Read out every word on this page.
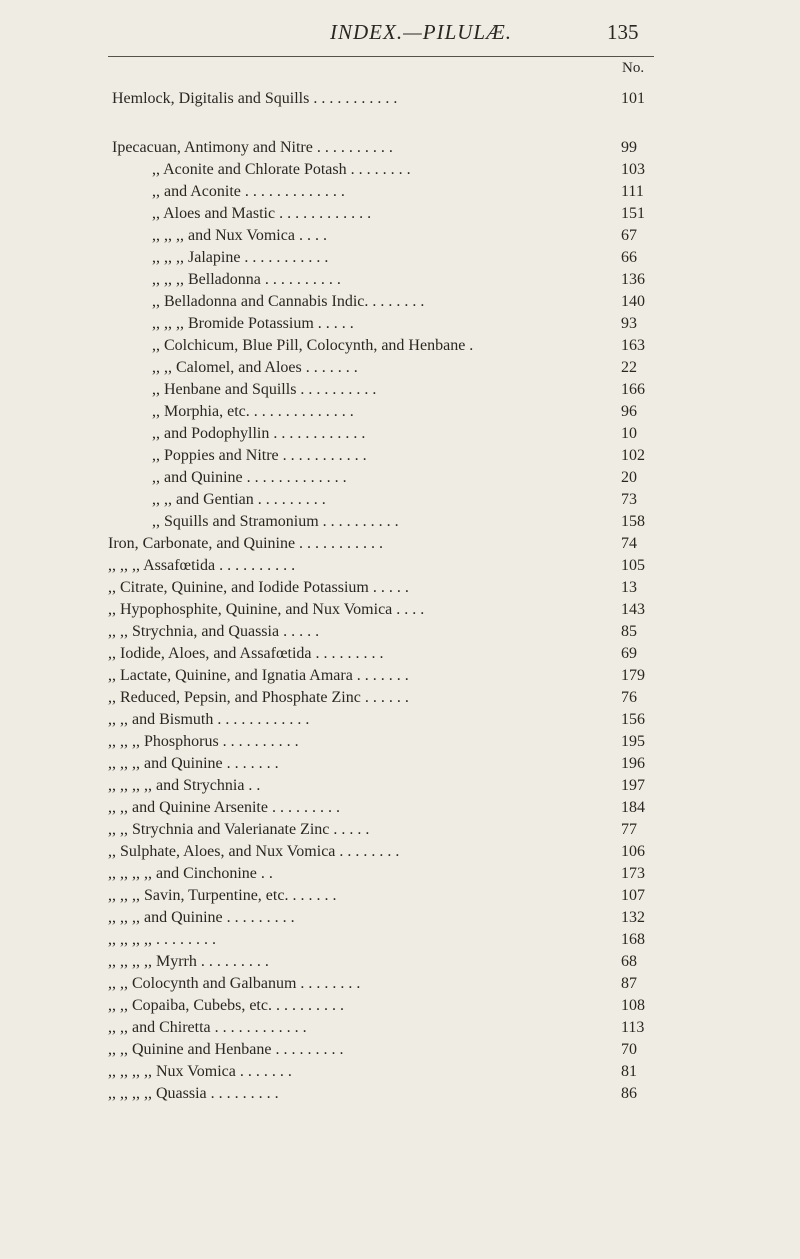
INDEX.—PILULÆ.	135
No.
Hemlock, Digitalis and Squills . . . . . . . . . . .	101
Ipecacuan, Antimony and Nitre . . . . . . . . . .	99
,, Aconite and Chlorate Potash . . . . . . . .	103
,, and Aconite . . . . . . . . . . . . .	111
,, Aloes and Mastic . . . . . . . . . . . .	151
,, ,, ,, and Nux Vomica . . . .	67
,, ,, ,, Jalapine . . . . . . . . . . .	66
,, ,, ,, Belladonna . . . . . . . . . .	136
,, Belladonna and Cannabis Indic. . . . . . . .	140
,, ,, ,, Bromide Potassium . . . . .	93
,, Colchicum, Blue Pill, Colocynth, and Henbane .	163
,, ,, Calomel, and Aloes . . . . . . .	22
,, Henbane and Squills . . . . . . . . . .	166
,, Morphia, etc. . . . . . . . . . . . . .	96
,, and Podophyllin . . . . . . . . . . . .	10
,, Poppies and Nitre . . . . . . . . . . .	102
,, and Quinine . . . . . . . . . . . . .	20
,, ,, and Gentian . . . . . . . . .	73
,, Squills and Stramonium . . . . . . . . . .	158
Iron, Carbonate, and Quinine . . . . . . . . . . .	74
,, ,, ,, Assafœtida . . . . . . . . . .	105
,, Citrate, Quinine, and Iodide Potassium . . . . .	13
,, Hypophosphite, Quinine, and Nux Vomica . . . .	143
,, ,, Strychnia, and Quassia . . . . .	85
,, Iodide, Aloes, and Assafœtida . . . . . . . . .	69
,, Lactate, Quinine, and Ignatia Amara . . . . . . .	179
,, Reduced, Pepsin, and Phosphate Zinc . . . . . .	76
,, ,, and Bismuth . . . . . . . . . . . .	156
,, ,, ,, Phosphorus . . . . . . . . . .	195
,, ,, ,, and Quinine . . . . . . .	196
,, ,, ,, ,, and Strychnia . .	197
,, ,, and Quinine Arsenite . . . . . . . . .	184
,, ,, Strychnia and Valerianate Zinc . . . . .	77
,, Sulphate, Aloes, and Nux Vomica . . . . . . . .	106
,, ,, ,, ,, and Cinchonine . .	173
,, ,, ,, Savin, Turpentine, etc. . . . . . .	107
,, ,, ,, and Quinine . . . . . . . . .	132
,, ,, ,, ,, . . . . . . . .	168
,, ,, ,, ,, Myrrh . . . . . . . . .	68
,, ,, Colocynth and Galbanum . . . . . . . .	87
,, ,, Copaiba, Cubebs, etc. . . . . . . . . .	108
,, ,, and Chiretta . . . . . . . . . . . .	113
,, ,, Quinine and Henbane . . . . . . . . .	70
,, ,, ,, ,, Nux Vomica . . . . . . .	81
,, ,, ,, ,, Quassia . . . . . . . . .	86
